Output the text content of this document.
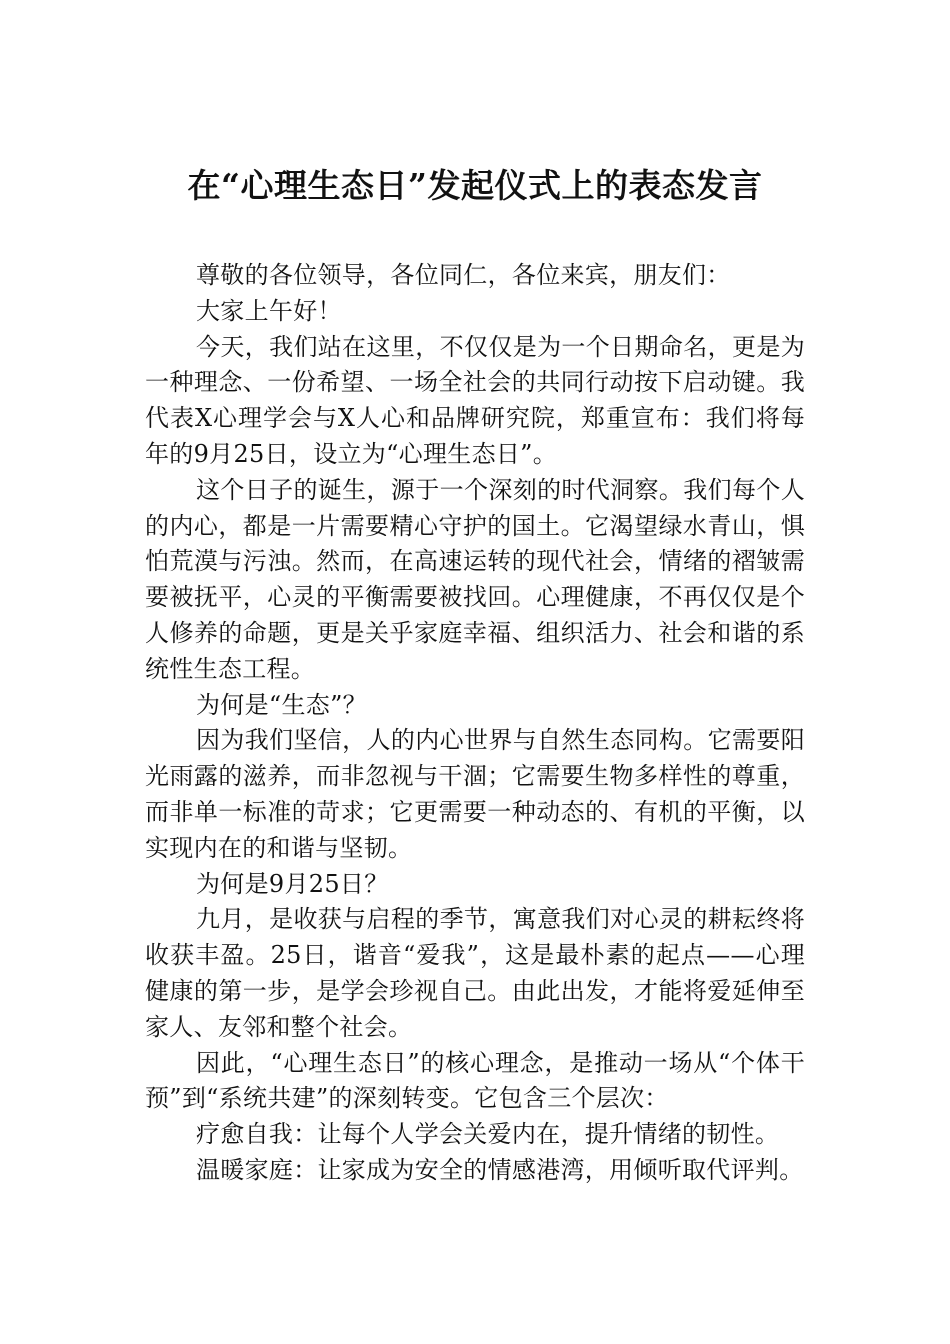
在“心理生态日”发起仪式上的表态发言

尊敬的各位领导，各位同仁，各位来宾，朋友们：

大家上午好！

今天，我们站在这里，不仅仅是为一个日期命名，更是为一种理念、一份希望、一场全社会的共同行动按下启动键。我代表X心理学会与X人心和品牌研究院，郑重宣布：我们将每年的9月25日，设立为“心理生态日”。

这个日子的诞生，源于一个深刻的时代洞察。我们每个人的内心，都是一片需要精心守护的国土。它渴望绿水青山，惧怕荒漠与污浊。然而，在高速运转的现代社会，情绪的褶皱需要被抚平，心灵的平衡需要被找回。心理健康，不再仅仅是个人修养的命题，更是关乎家庭幸福、组织活力、社会和谐的系统性生态工程。

为何是“生态”？

因为我们坚信，人的内心世界与自然生态同构。它需要阳光雨露的滋养，而非忽视与干涸；它需要生物多样性的尊重，而非单一标准的苛求；它更需要一种动态的、有机的平衡，以实现内在的和谐与坚韧。

为何是9月25日？

九月，是收获与启程的季节，寓意我们对心灵的耕耘终将收获丰盈。25日，谐音“爱我”，这是最朴素的起点——心理健康的第一步，是学会珍视自己。由此出发，才能将爱延伸至家人、友邻和整个社会。

因此，“心理生态日”的核心理念，是推动一场从“个体干预”到“系统共建”的深刻转变。它包含三个层次：

疗愈自我：让每个人学会关爱内在，提升情绪的韧性。

温暖家庭：让家成为安全的情感港湾，用倾听取代评判。
